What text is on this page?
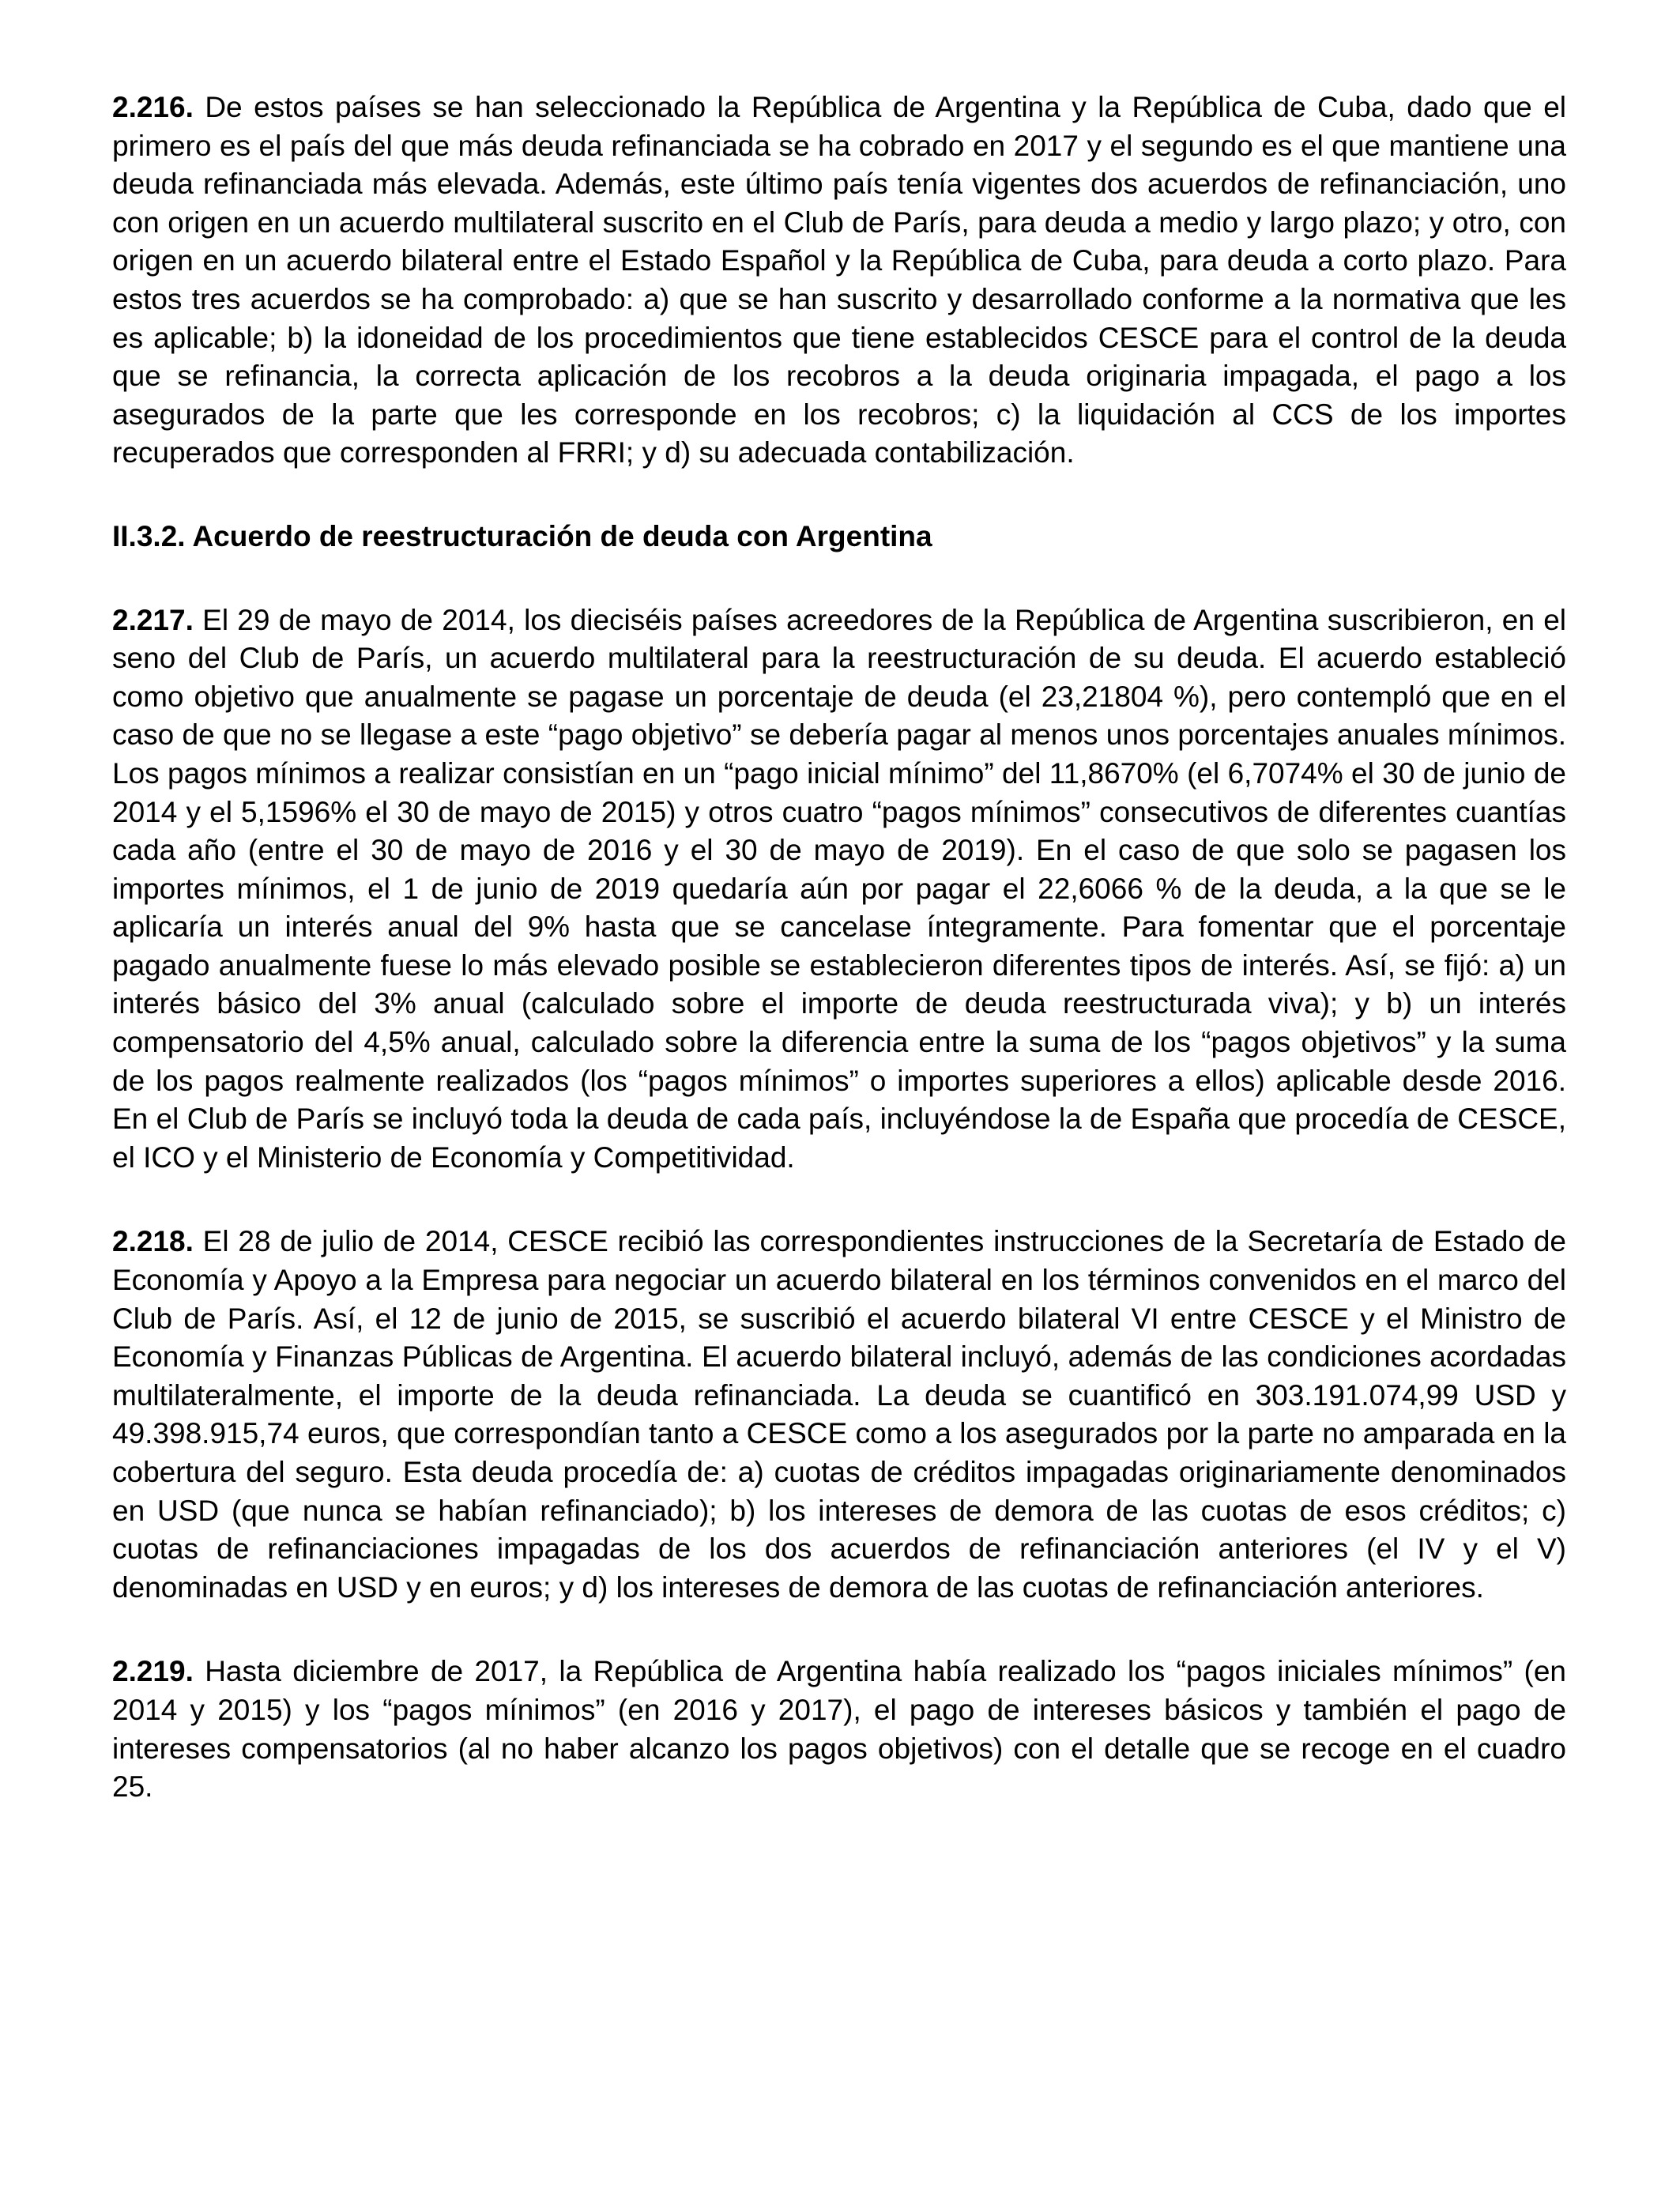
2.216. De estos países se han seleccionado la República de Argentina y la República de Cuba, dado que el primero es el país del que más deuda refinanciada se ha cobrado en 2017 y el segundo es el que mantiene una deuda refinanciada más elevada. Además, este último país tenía vigentes dos acuerdos de refinanciación, uno con origen en un acuerdo multilateral suscrito en el Club de París, para deuda a medio y largo plazo; y otro, con origen en un acuerdo bilateral entre el Estado Español y la República de Cuba, para deuda a corto plazo. Para estos tres acuerdos se ha comprobado: a) que se han suscrito y desarrollado conforme a la normativa que les es aplicable; b) la idoneidad de los procedimientos que tiene establecidos CESCE para el control de la deuda que se refinancia, la correcta aplicación de los recobros a la deuda originaria impagada, el pago a los asegurados de la parte que les corresponde en los recobros; c) la liquidación al CCS de los importes recuperados que corresponden al FRRI; y d) su adecuada contabilización.

II.3.2. Acuerdo de reestructuración de deuda con Argentina

2.217. El 29 de mayo de 2014, los dieciséis países acreedores de la República de Argentina suscribieron, en el seno del Club de París, un acuerdo multilateral para la reestructuración de su deuda. El acuerdo estableció como objetivo que anualmente se pagase un porcentaje de deuda (el 23,21804 %), pero contempló que en el caso de que no se llegase a este “pago objetivo” se debería pagar al menos unos porcentajes anuales mínimos. Los pagos mínimos a realizar consistían en un “pago inicial mínimo” del 11,8670% (el 6,7074% el 30 de junio de 2014 y el 5,1596% el 30 de mayo de 2015) y otros cuatro “pagos mínimos” consecutivos de diferentes cuantías cada año (entre el 30 de mayo de 2016 y el 30 de mayo de 2019). En el caso de que solo se pagasen los importes mínimos, el 1 de junio de 2019 quedaría aún por pagar el 22,6066 % de la deuda, a la que se le aplicaría un interés anual del 9% hasta que se cancelase íntegramente. Para fomentar que el porcentaje pagado anualmente fuese lo más elevado posible se establecieron diferentes tipos de interés. Así, se fijó: a) un interés básico del 3% anual (calculado sobre el importe de deuda reestructurada viva); y b) un interés compensatorio del 4,5% anual, calculado sobre la diferencia entre la suma de los “pagos objetivos” y la suma de los pagos realmente realizados (los “pagos mínimos” o importes superiores a ellos) aplicable desde 2016. En el Club de París se incluyó toda la deuda de cada país, incluyéndose la de España que procedía de CESCE, el ICO y el Ministerio de Economía y Competitividad.

2.218. El 28 de julio de 2014, CESCE recibió las correspondientes instrucciones de la Secretaría de Estado de Economía y Apoyo a la Empresa para negociar un acuerdo bilateral en los términos convenidos en el marco del Club de París. Así, el 12 de junio de 2015, se suscribió el acuerdo bilateral VI entre CESCE y el Ministro de Economía y Finanzas Públicas de Argentina. El acuerdo bilateral incluyó, además de las condiciones acordadas multilateralmente, el importe de la deuda refinanciada. La deuda se cuantificó en 303.191.074,99 USD y 49.398.915,74 euros, que correspondían tanto a CESCE como a los asegurados por la parte no amparada en la cobertura del seguro. Esta deuda procedía de: a) cuotas de créditos impagadas originariamente denominados en USD (que nunca se habían refinanciado); b) los intereses de demora de las cuotas de esos créditos; c) cuotas de refinanciaciones impagadas de los dos acuerdos de refinanciación anteriores (el IV y el V) denominadas en USD y en euros; y d) los intereses de demora de las cuotas de refinanciación anteriores.

2.219. Hasta diciembre de 2017, la República de Argentina había realizado los “pagos iniciales mínimos” (en 2014 y 2015) y los “pagos mínimos” (en 2016 y 2017), el pago de intereses básicos y también el pago de intereses compensatorios (al no haber alcanzo los pagos objetivos) con el detalle que se recoge en el cuadro 25.
